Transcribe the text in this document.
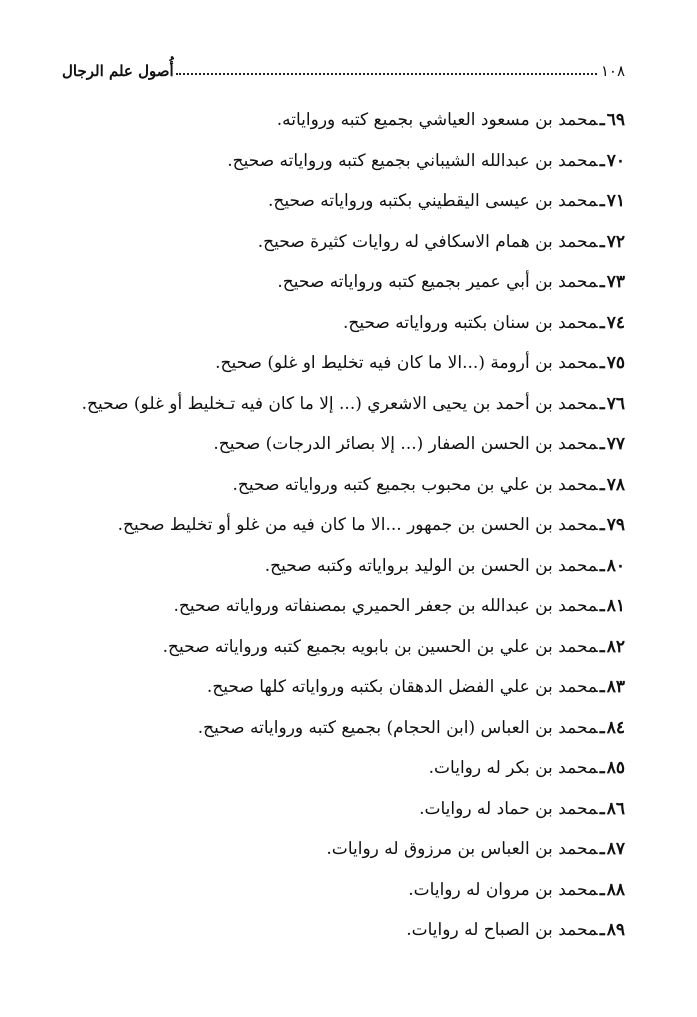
١٠٨
أُصول علم الرجال
٦٩ـمحمد بن مسعود العياشي بجميع كتبه ورواياته.
٧٠ـمحمد بن عبدالله الشيباني بجميع كتبه ورواياته صحيح.
٧١ـمحمد بن عيسى اليقطيني بكتبه ورواياته صحيح.
٧٢ـمحمد بن همام الاسكافي له روايات كثيرة صحيح.
٧٣ـمحمد بن أبي عمير بجميع كتبه ورواياته صحيح.
٧٤ـمحمد بن سنان بكتبه ورواياته صحيح.
٧٥ـمحمد بن أرومة (...الا ما كان فيه تخليط او غلو) صحيح.
٧٦ـمحمد بن أحمد بن يحيى الاشعري (... إلا ما كان فيه تـخليط أو غلو) صحيح.
٧٧ـمحمد بن الحسن الصفار (... إلا بصائر الدرجات) صحيح.
٧٨ـمحمد بن علي بن محبوب بجميع كتبه ورواياته صحيح.
٧٩ـمحمد بن الحسن بن جمهور ...الا ما كان فيه من غلو أو تخليط صحيح.
٨٠ـمحمد بن الحسن بن الوليد برواياته وكتبه صحيح.
٨١ـمحمد بن عبدالله بن جعفر الحميري بمصنفاته ورواياته صحيح.
٨٢ـمحمد بن علي بن الحسين بن بابويه بجميع كتبه ورواياته صحيح.
٨٣ـمحمد بن علي الفضل الدهقان بكتبه ورواياته كلها صحيح.
٨٤ـمحمد بن العباس (ابن الحجام) بجميع كتبه ورواياته صحيح.
٨٥ـمحمد بن بكر له روايات.
٨٦ـمحمد بن حماد له روايات.
٨٧ـمحمد بن العباس بن مرزوق له روايات.
٨٨ـمحمد بن مروان له روايات.
٨٩ـمحمد بن الصباح له روايات.
